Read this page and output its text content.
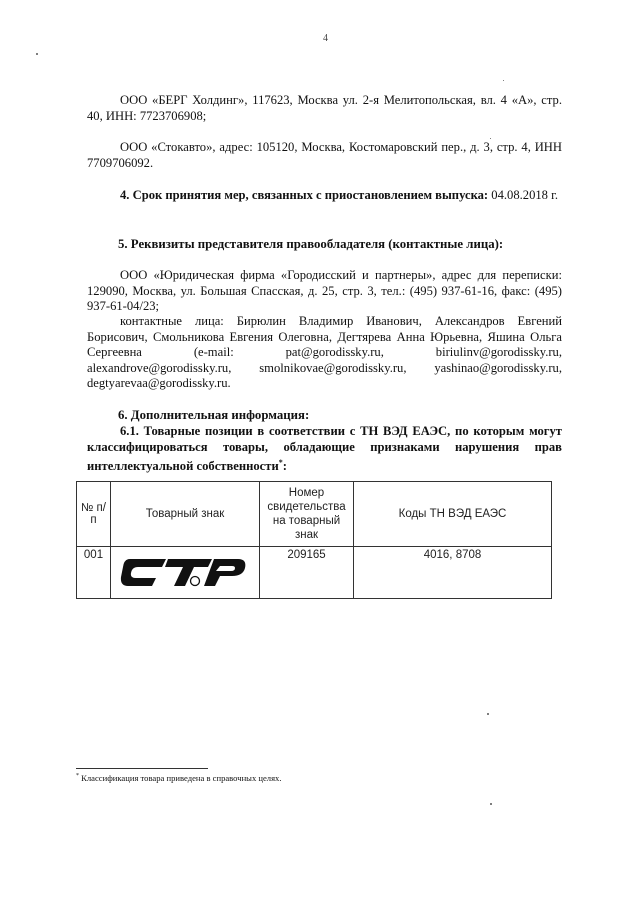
4
ООО «БЕРГ Холдинг», 117623, Москва ул. 2-я Мелитопольская, вл. 4 «А», стр. 40, ИНН: 7723706908;
ООО «Стокавто», адрес: 105120, Москва, Костомаровский пер., д. 3, стр. 4, ИНН 7709706092.
4. Срок принятия мер, связанных с приостановлением выпуска: 04.08.2018 г.
5. Реквизиты представителя правообладателя (контактные лица):
ООО «Юридическая фирма «Городисский и партнеры», адрес для переписки: 129090, Москва, ул. Большая Спасская, д. 25, стр. 3, тел.: (495) 937-61-16, факс: (495) 937-61-04/23;
контактные лица: Бирюлин Владимир Иванович, Александров Евгений Борисович, Смольникова Евгения Олеговна, Дегтярева Анна Юрьевна, Яшина Ольга Сергеевна	(e-mail:	pat@gorodissky.ru,	biriulinv@gorodissky.ru, alexandrove@gorodissky.ru, smolnikovae@gorodissky.ru, yashinao@gorodissky.ru, degtyarevaa@gorodissky.ru.
6. Дополнительная информация:
6.1. Товарные позиции в соответствии с ТН ВЭД ЕАЭС, по которым могут классифицироваться товары, обладающие признаками нарушения прав интеллектуальной собственности*:
№ п/п	Товарный знак	Номер свидетельства на товарный знак	Коды ТН ВЭД ЕАЭС
001		209165	4016, 8708
* Классификация товара приведена в справочных целях.
